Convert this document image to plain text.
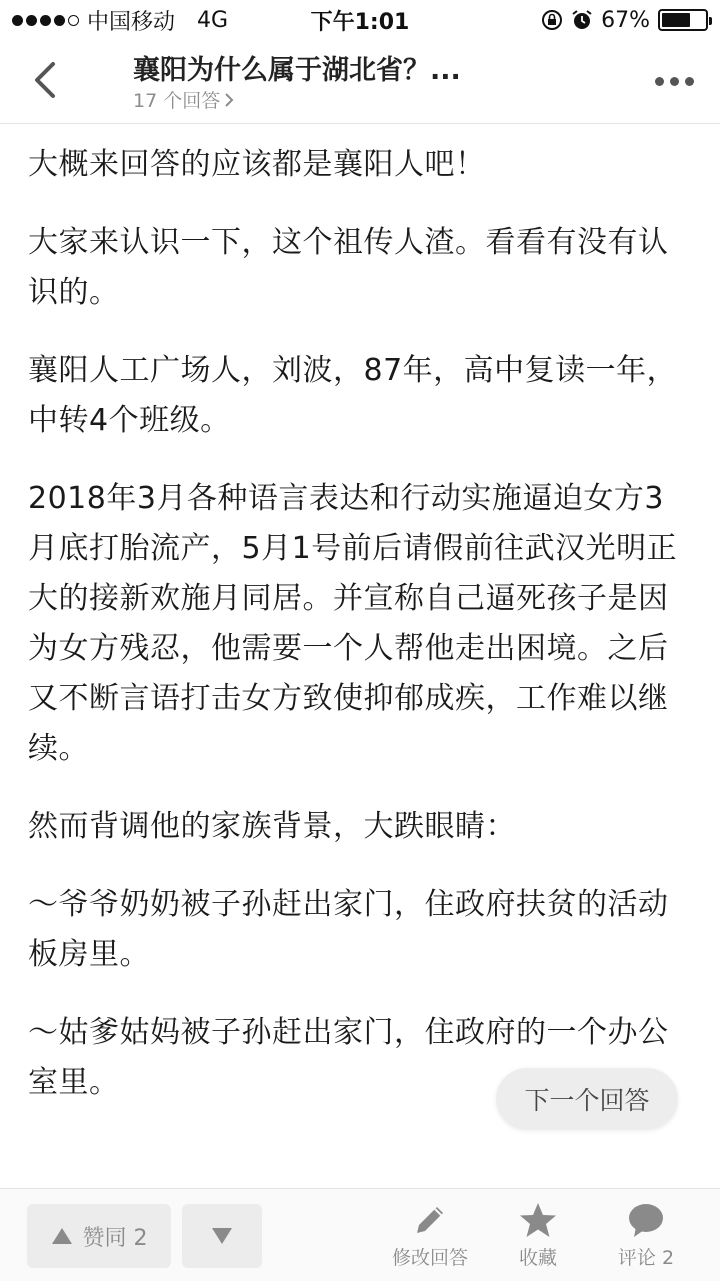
中国移动 4G	下午1:01	67%
襄阳为什么属于湖北省？...
17 个回答

大概来回答的应该都是襄阳人吧！

大家来认识一下，这个祖传人渣。看看有没有认识的。

襄阳人工广场人，刘波，87年，高中复读一年，中转4个班级。

2018年3月各种语言表达和行动实施逼迫女方3月底打胎流产，5月1号前后请假前往武汉光明正大的接新欢施月同居。并宣称自己逼死孩子是因为女方残忍，他需要一个人帮他走出困境。之后又不断言语打击女方致使抑郁成疾，工作难以继续。

然而背调他的家族背景，大跌眼睛：

～爷爷奶奶被子孙赶出家门，住政府扶贫的活动板房里。

～姑爹姑妈被子孙赶出家门，住政府的一个办公室里。

下一个回答
赞同 2
修改回答	收藏	评论 2
